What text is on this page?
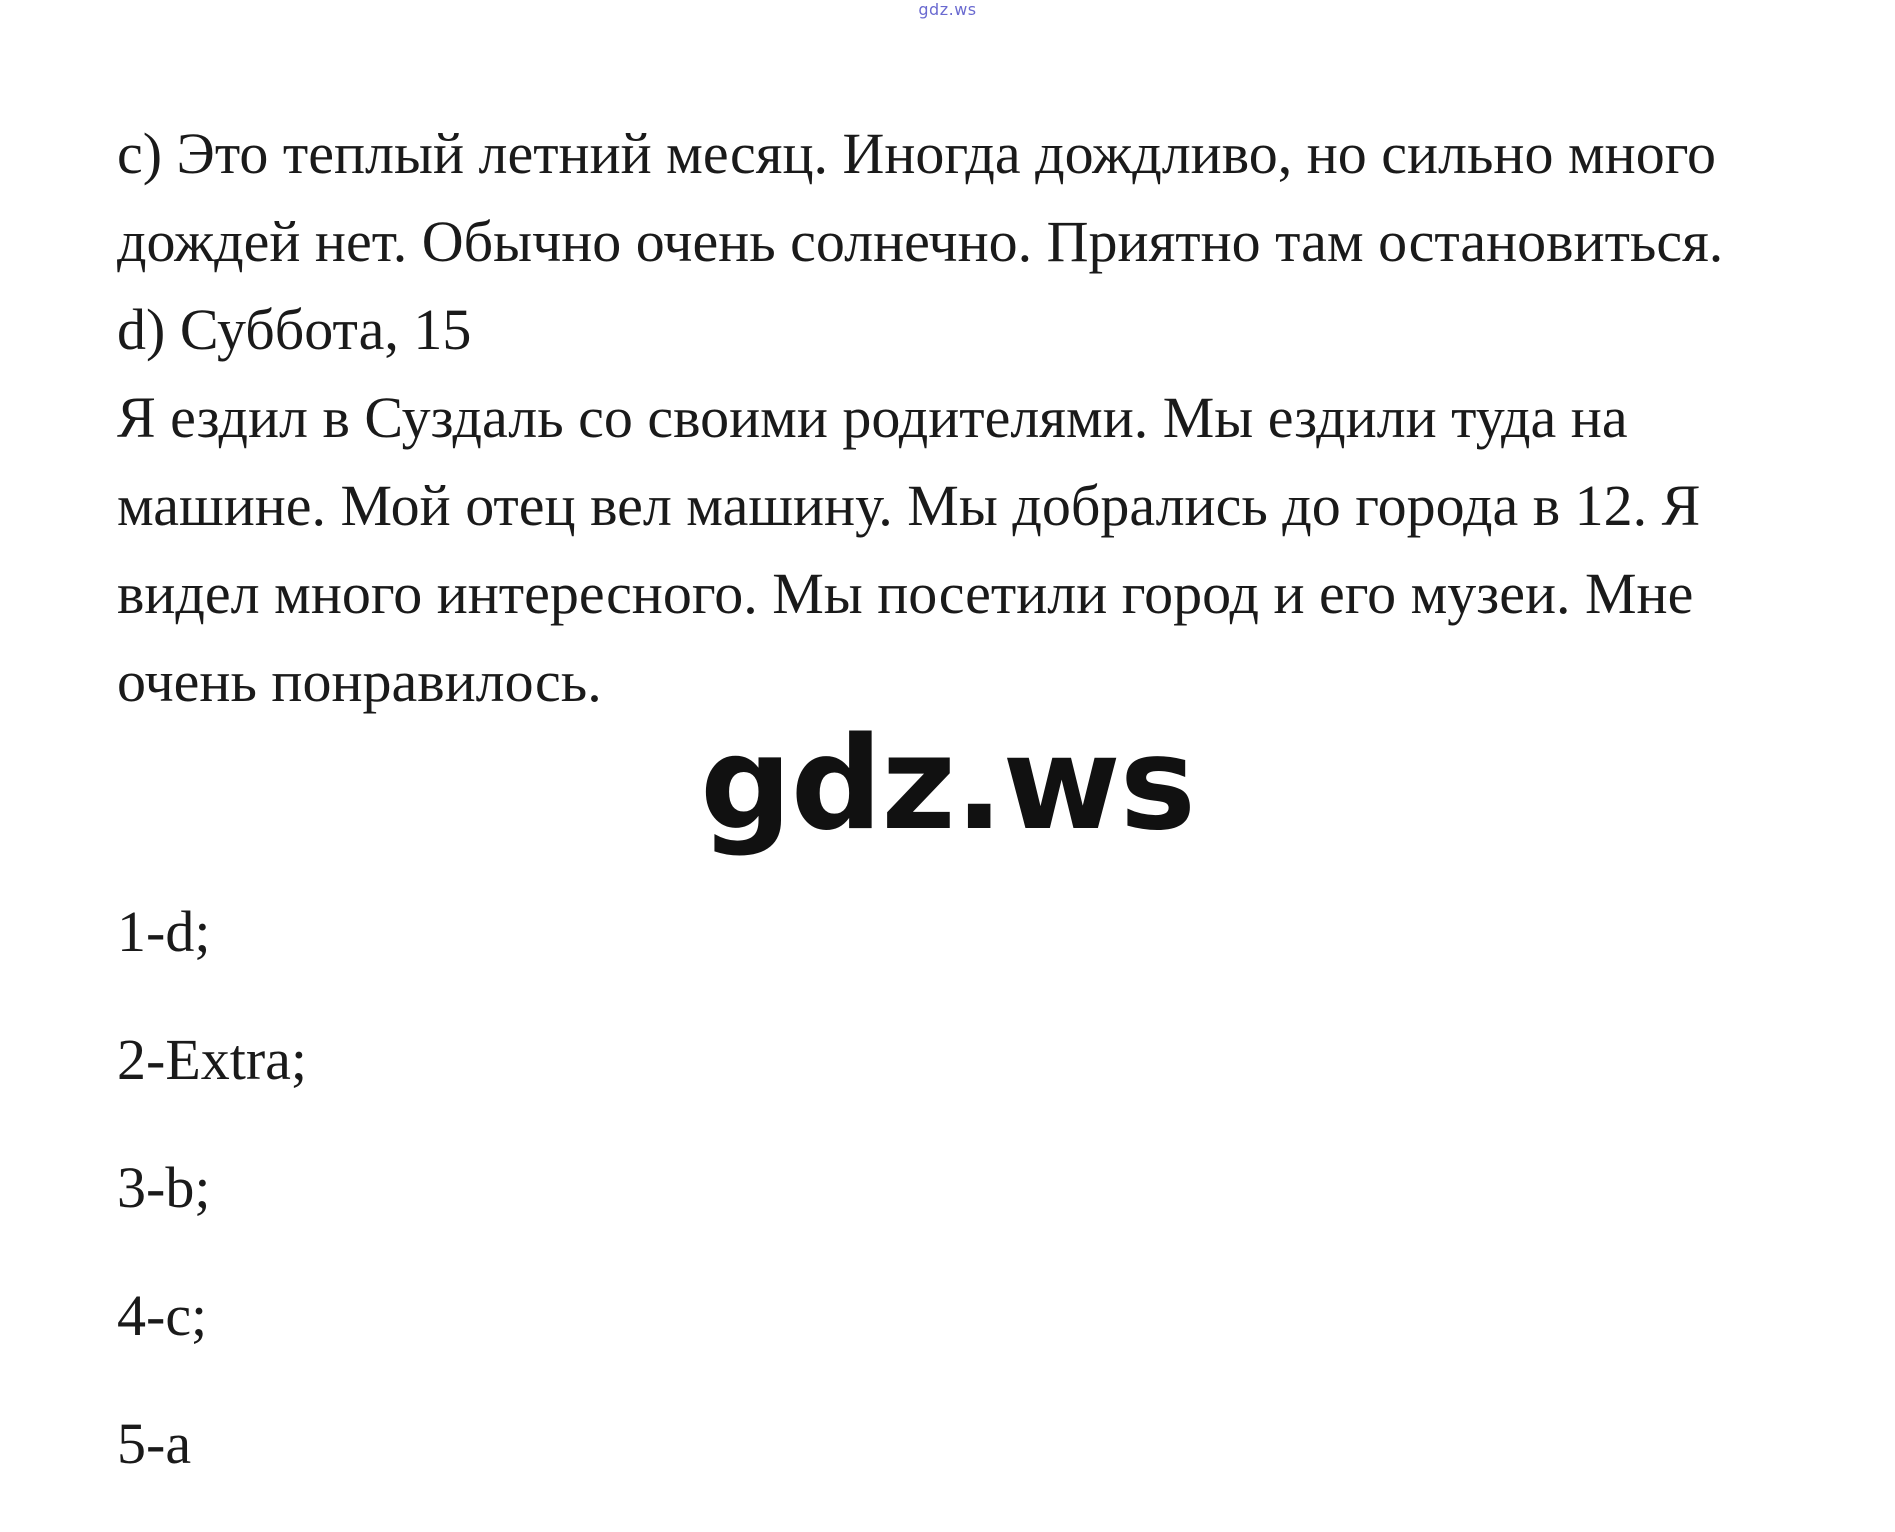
gdz.ws
c) Это теплый летний месяц. Иногда дождливо, но сильно много
дождей нет. Обычно очень солнечно. Приятно там остановиться.
d) Суббота, 15
Я ездил в Суздаль со своими родителями. Мы ездили туда на
машине. Мой отец вел машину. Мы добрались до города в 12. Я
видел много интересного. Мы посетили город и его музеи. Мне
очень понравилось.
gdz.ws
1-d;
2-Extra;
3-b;
4-c;
5-a
